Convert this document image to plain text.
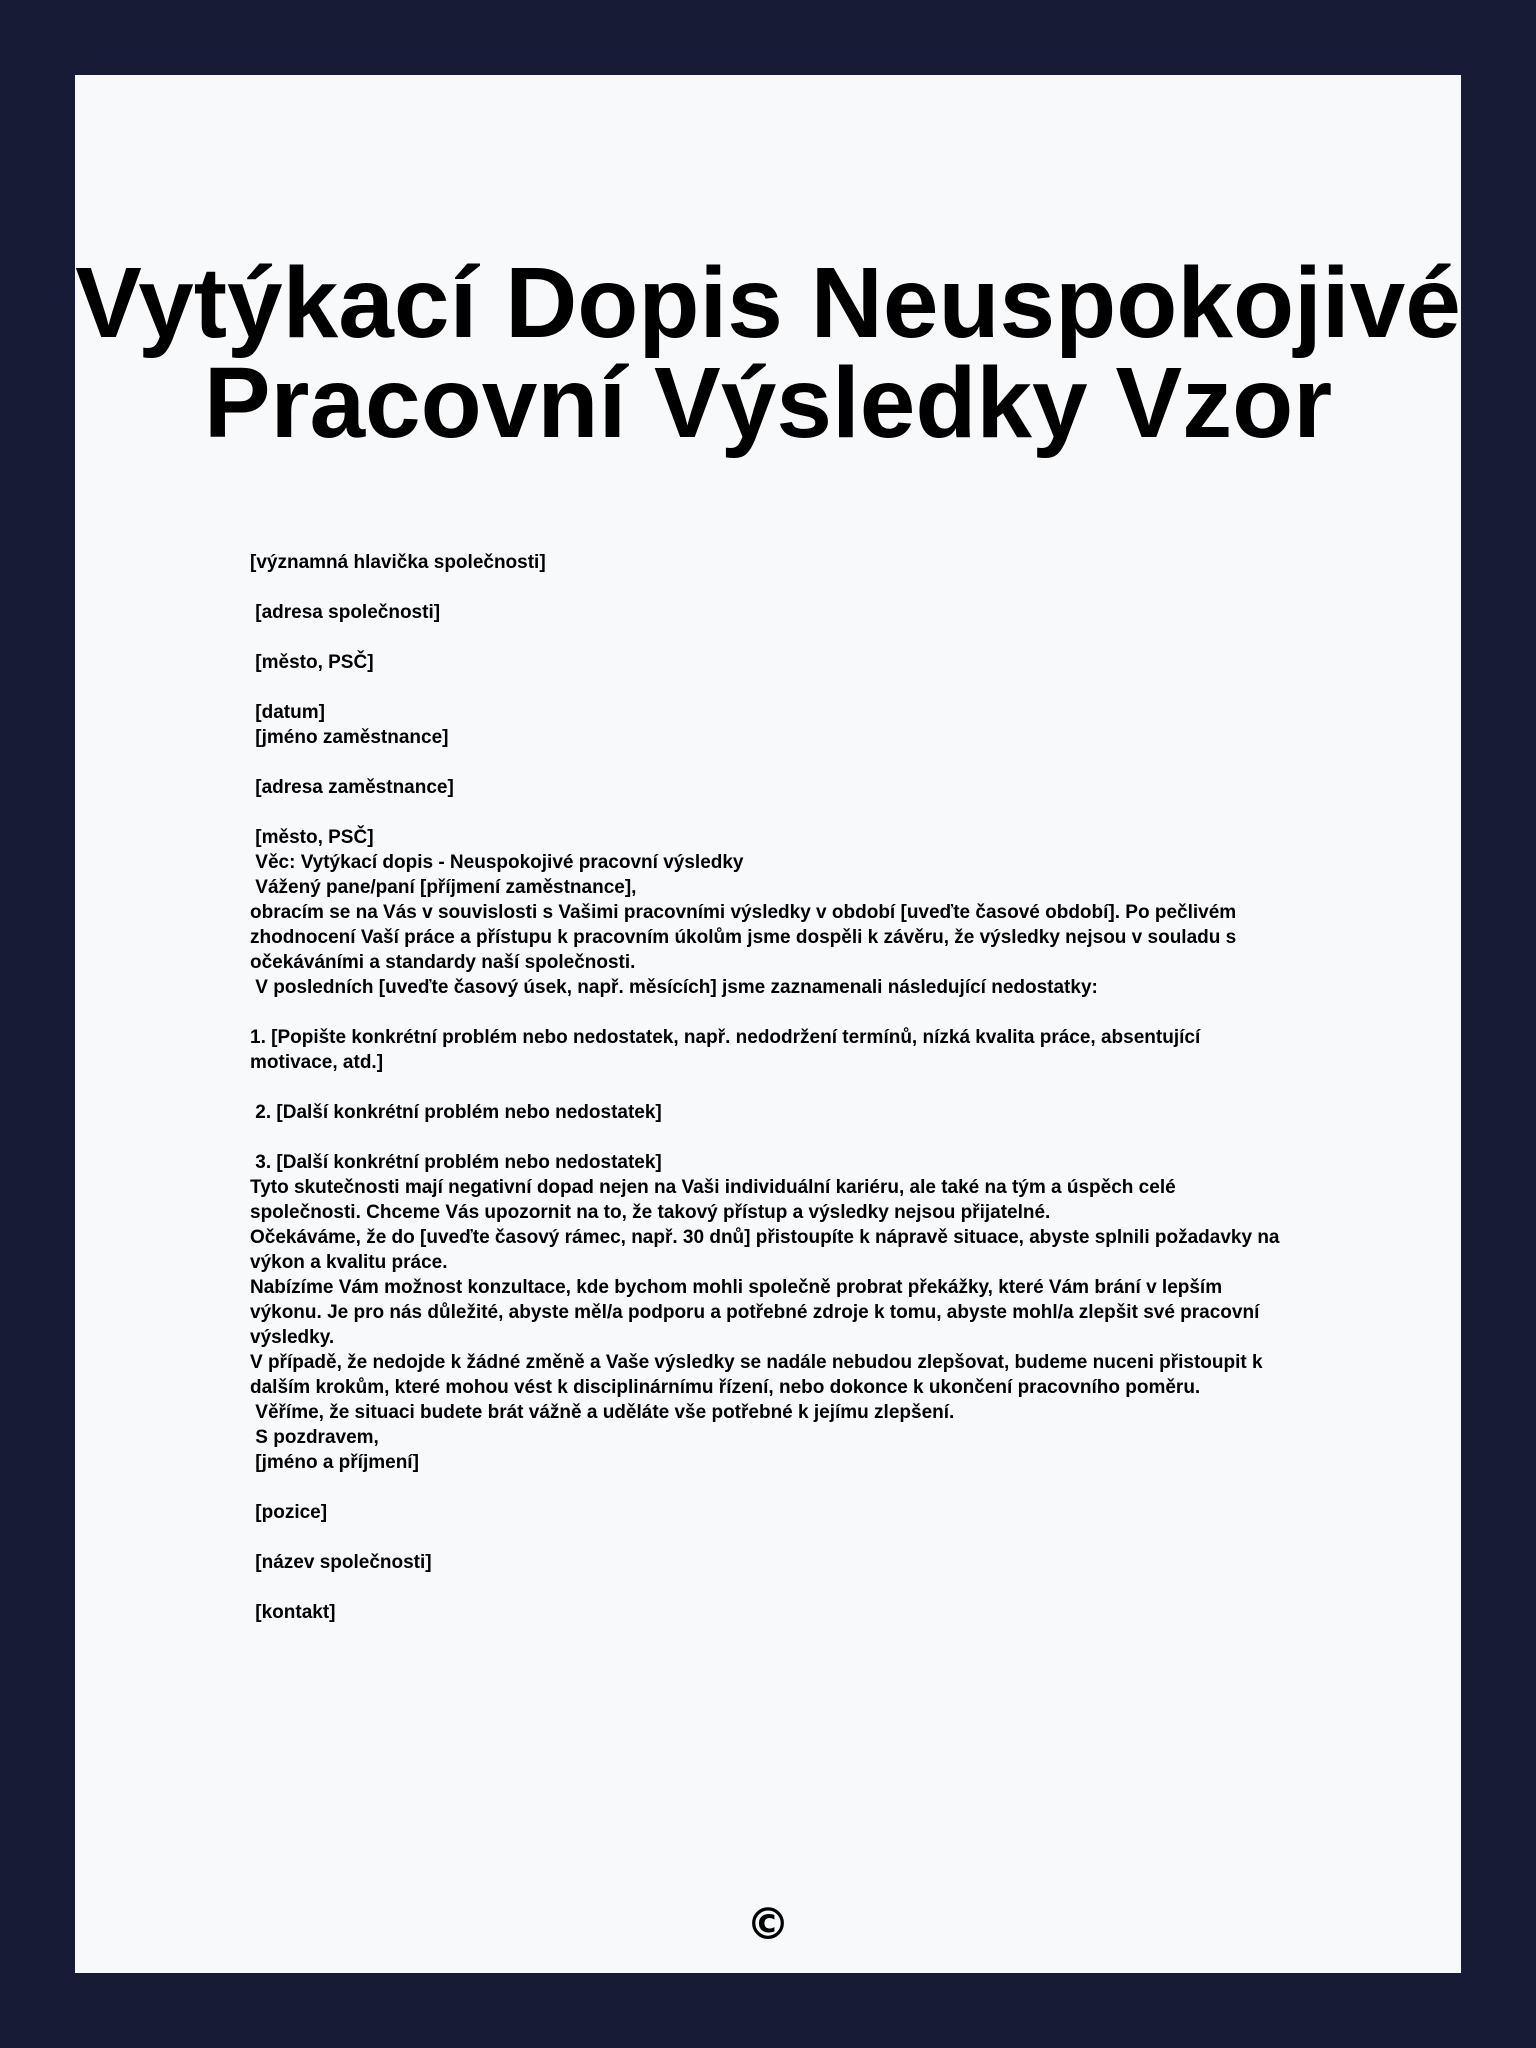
Vytýkací Dopis Neuspokojivé
Pracovní Výsledky Vzor
[významná hlavička společnosti]
[adresa společnosti]
[město, PSČ]
[datum]
[jméno zaměstnance]
[adresa zaměstnance]
[město, PSČ]
Věc: Vytýkací dopis - Neuspokojivé pracovní výsledky
Vážený pane/paní [příjmení zaměstnance],
obracím se na Vás v souvislosti s Vašimi pracovními výsledky v období [uveďte časové období]. Po pečlivém zhodnocení Vaší práce a přístupu k pracovním úkolům jsme dospěli k závěru, že výsledky nejsou v souladu s očekáváními a standardy naší společnosti.
V posledních [uveďte časový úsek, např. měsících] jsme zaznamenali následující nedostatky:
1. [Popište konkrétní problém nebo nedostatek, např. nedodržení termínů, nízká kvalita práce, absentující motivace, atd.]
2. [Další konkrétní problém nebo nedostatek]
3. [Další konkrétní problém nebo nedostatek]
Tyto skutečnosti mají negativní dopad nejen na Vaši individuální kariéru, ale také na tým a úspěch celé společnosti. Chceme Vás upozornit na to, že takový přístup a výsledky nejsou přijatelné.
Očekáváme, že do [uveďte časový rámec, např. 30 dnů] přistoupíte k nápravě situace, abyste splnili požadavky na výkon a kvalitu práce.
Nabízíme Vám možnost konzultace, kde bychom mohli společně probrat překážky, které Vám brání v lepším výkonu. Je pro nás důležité, abyste měl/a podporu a potřebné zdroje k tomu, abyste mohl/a zlepšit své pracovní výsledky.
V případě, že nedojde k žádné změně a Vaše výsledky se nadále nebudou zlepšovat, budeme nuceni přistoupit k dalším krokům, které mohou vést k disciplinárnímu řízení, nebo dokonce k ukončení pracovního poměru.
Věříme, že situaci budete brát vážně a uděláte vše potřebné k jejímu zlepšení.
S pozdravem,
[jméno a příjmení]
[pozice]
[název společnosti]
[kontakt]
©
